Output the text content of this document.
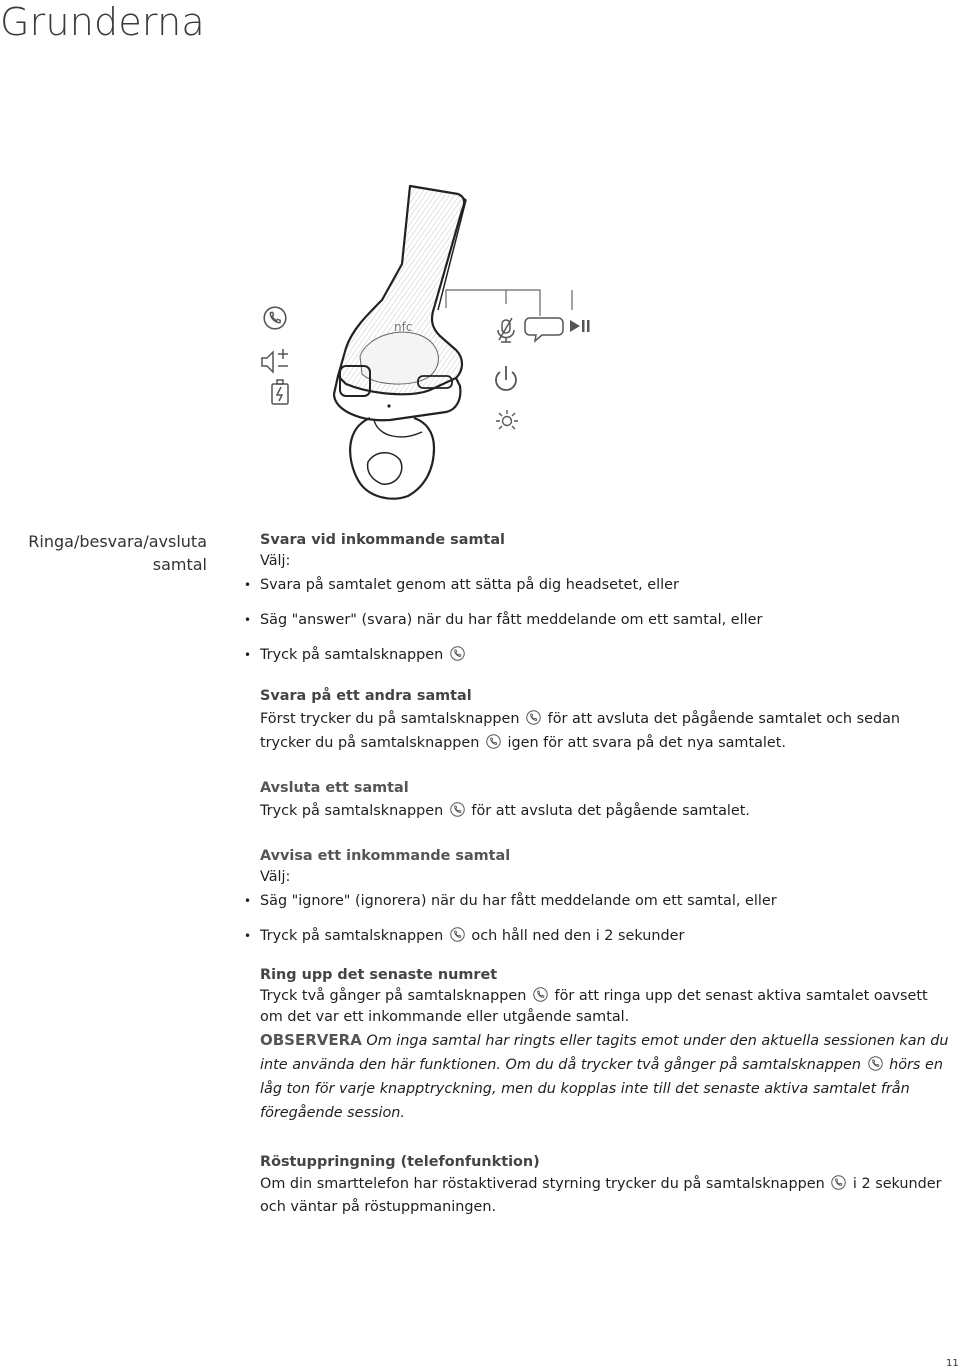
Grunderna
nfc
Ringa/besvara/avsluta samtal
Svara vid inkommande samtal
Välj:
• Svara på samtalet genom att sätta på dig headsetet, eller
• Säg "answer" (svara) när du har fått meddelande om ett samtal, eller
• Tryck på samtalsknappen
Svara på ett andra samtal
Först trycker du på samtalsknappen för att avsluta det pågående samtalet och sedan trycker du på samtalsknappen igen för att svara på det nya samtalet.
Avsluta ett samtal
Tryck på samtalsknappen för att avsluta det pågående samtalet.
Avvisa ett inkommande samtal
Välj:
• Säg "ignore" (ignorera) när du har fått meddelande om ett samtal, eller
• Tryck på samtalsknappen och håll ned den i 2 sekunder
Ring upp det senaste numret
Tryck två gånger på samtalsknappen för att ringa upp det senast aktiva samtalet oavsett om det var ett inkommande eller utgående samtal.
OBSERVERA Om inga samtal har ringts eller tagits emot under den aktuella sessionen kan du inte använda den här funktionen. Om du då trycker två gånger på samtalsknappen hörs en låg ton för varje knapptryckning, men du kopplas inte till det senaste aktiva samtalet från föregående session.
Röstuppringning (telefonfunktion)
Om din smarttelefon har röstaktiverad styrning trycker du på samtalsknappen i 2 sekunder och väntar på röstuppmaningen.
11
